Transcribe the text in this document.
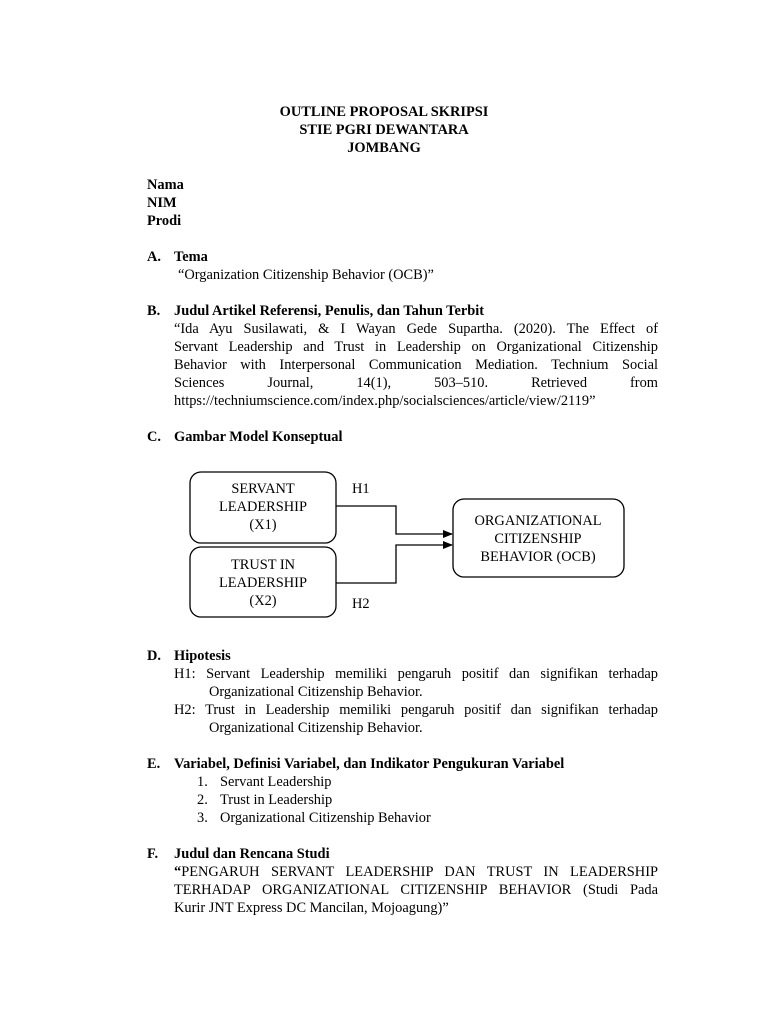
OUTLINE PROPOSAL SKRIPSI
STIE PGRI DEWANTARA
JOMBANG
Nama
NIM
Prodi
A. Tema
“Organization Citizenship Behavior (OCB)”
B. Judul Artikel Referensi, Penulis, dan Tahun Terbit
“Ida Ayu Susilawati, & I Wayan Gede Supartha. (2020). The Effect of
Servant Leadership and Trust in Leadership on Organizational Citizenship
Behavior with Interpersonal Communication Mediation. Technium Social
Sciences Journal, 14(1), 503–510. Retrieved from
https://techniumscience.com/index.php/socialsciences/article/view/2119”
C. Gambar Model Konseptual
SERVANT
LEADERSHIP
(X1)
TRUST IN
LEADERSHIP
(X2)
ORGANIZATIONAL
CITIZENSHIP
BEHAVIOR (OCB)
H1
H2
D. Hipotesis
H1: Servant Leadership memiliki pengaruh positif dan signifikan terhadap
Organizational Citizenship Behavior.
H2: Trust in Leadership memiliki pengaruh positif dan signifikan terhadap
Organizational Citizenship Behavior.
E. Variabel, Definisi Variabel, dan Indikator Pengukuran Variabel
1. Servant Leadership
2. Trust in Leadership
3. Organizational Citizenship Behavior
F. Judul dan Rencana Studi
“PENGARUH SERVANT LEADERSHIP DAN TRUST IN LEADERSHIP
TERHADAP ORGANIZATIONAL CITIZENSHIP BEHAVIOR (Studi Pada
Kurir JNT Express DC Mancilan, Mojoagung)”
